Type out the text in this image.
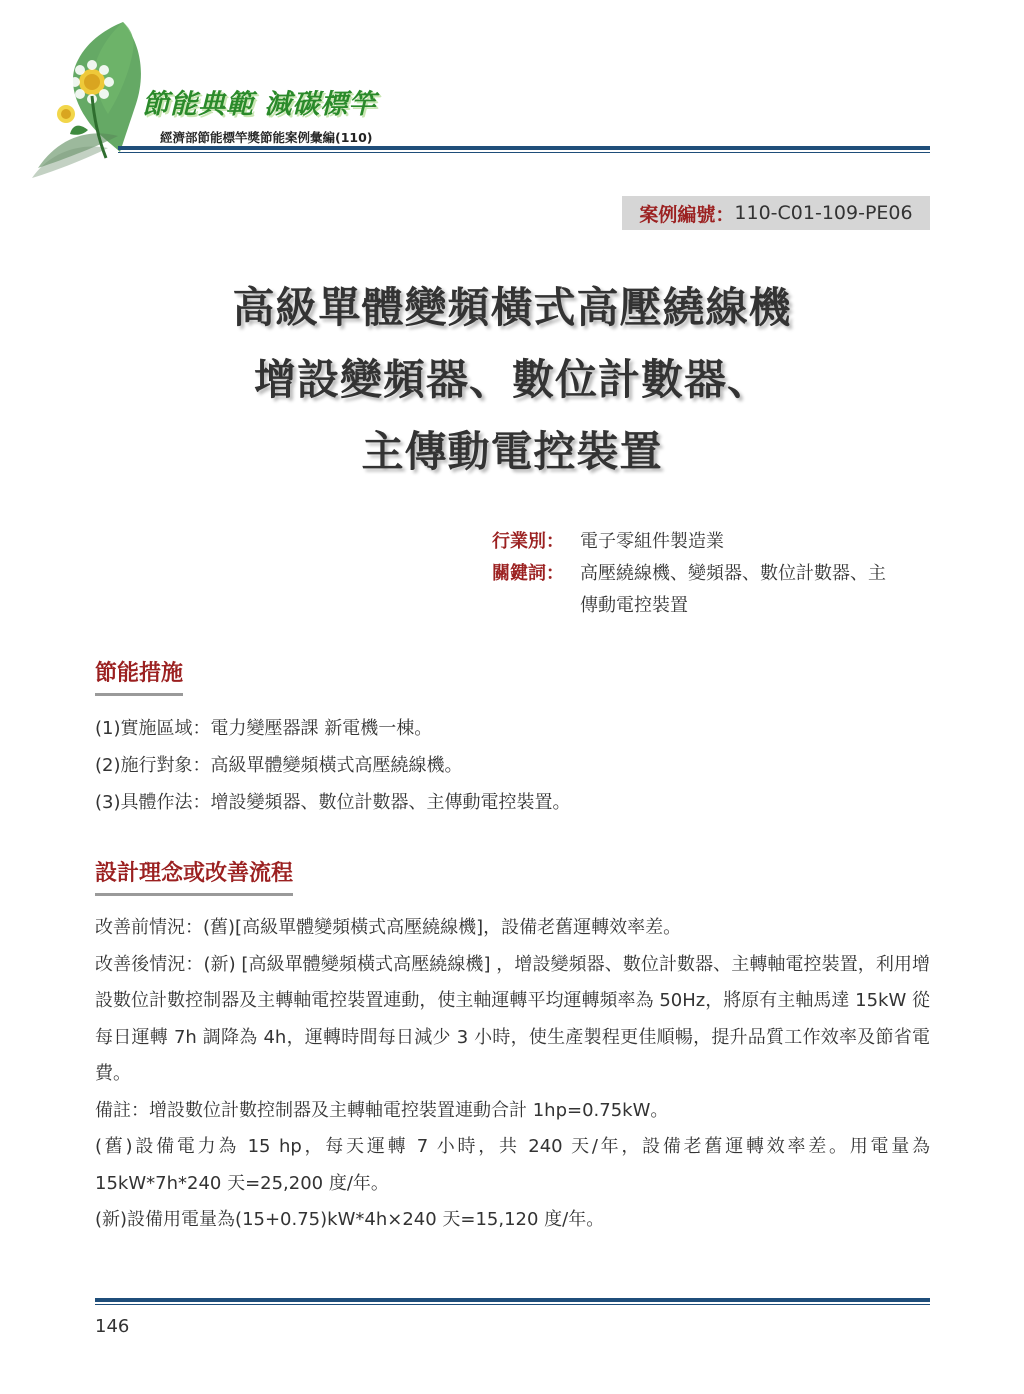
節能典範 減碳標竿
經濟部節能標竿獎節能案例彙編(110)
案例編號： 110-C01-109-PE06
高級單體變頻橫式高壓繞線機
增設變頻器、數位計數器、
主傳動電控裝置
行業別： 電子零組件製造業
關鍵詞： 高壓繞線機、變頻器、數位計數器、主傳動電控裝置
節能措施
(1)實施區域：電力變壓器課 新電機一棟。
(2)施行對象：高級單體變頻橫式高壓繞線機。
(3)具體作法：增設變頻器、數位計數器、主傳動電控裝置。
設計理念或改善流程

改善前情況：(舊)[高級單體變頻橫式高壓繞線機]，設備老舊運轉效率差。

改善後情況：(新) [高級單體變頻橫式高壓繞線機] ，增設變頻器、數位計數器、主轉軸電控裝置，利用增設數位計數控制器及主轉軸電控裝置連動，使主軸運轉平均運轉頻率為 50Hz，將原有主軸馬達 15kW 從每日運轉 7h 調降為 4h，運轉時間每日減少 3 小時，使生產製程更佳順暢，提升品質工作效率及節省電費。

備註：增設數位計數控制器及主轉軸電控裝置連動合計 1hp=0.75kW。

(舊)設備電力為 15 hp，每天運轉 7 小時，共 240 天/年，設備老舊運轉效率差。用電量為 15kW*7h*240 天=25,200 度/年。

(新)設備用電量為(15+0.75)kW*4h×240 天=15,120 度/年。

146
